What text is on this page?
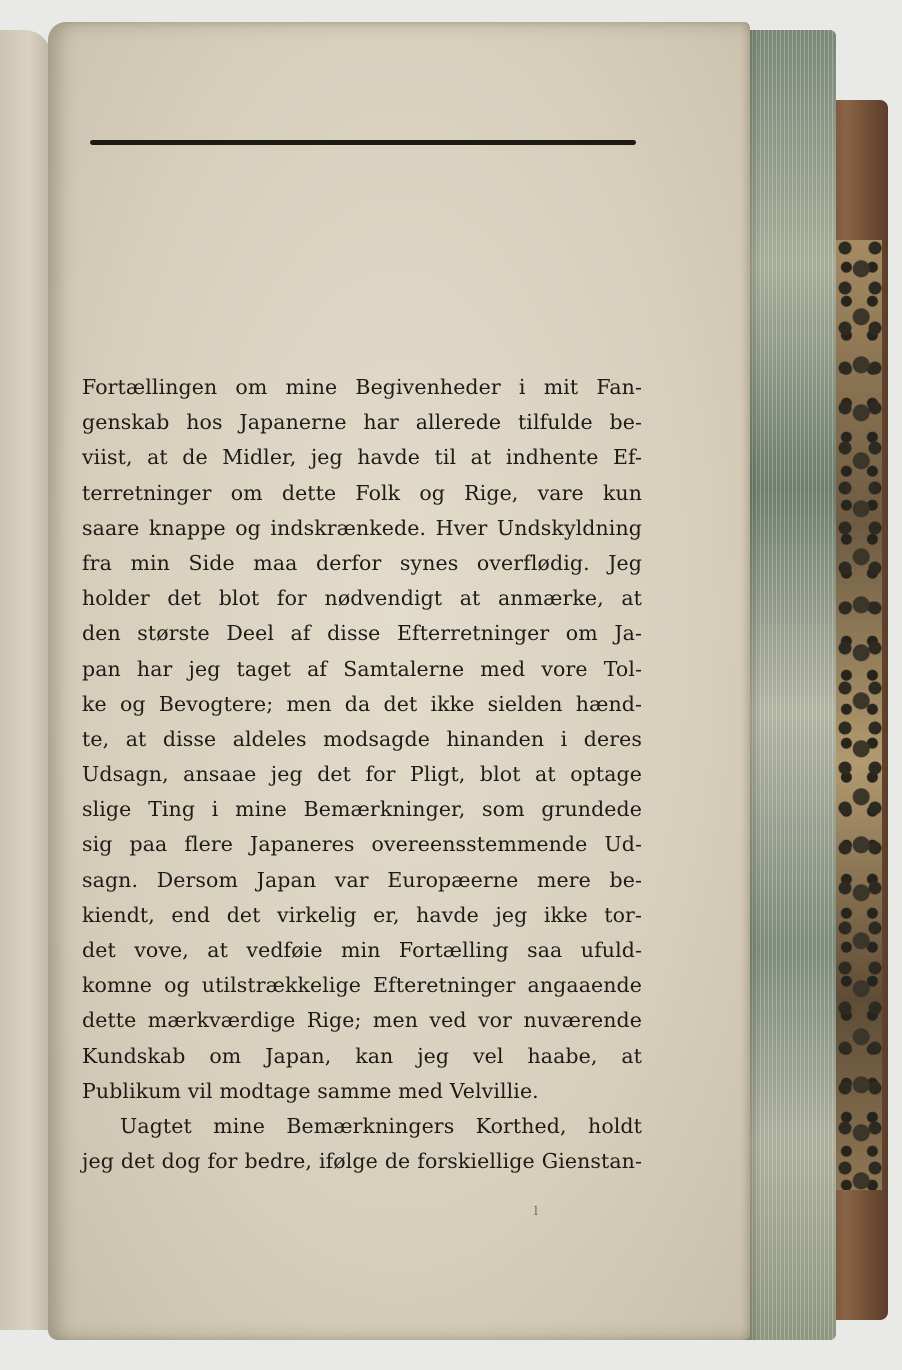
Fortællingen om mine Begivenheder i mit Fan-
genskab hos Japanerne har allerede tilfulde be-
viist, at de Midler, jeg havde til at indhente Ef-
terretninger om dette Folk og Rige, vare kun
saare knappe og indskrænkede. Hver Undskyldning
fra min Side maa derfor synes overflødig. Jeg
holder det blot for nødvendigt at anmærke, at
den største Deel af disse Efterretninger om Ja-
pan har jeg taget af Samtalerne med vore Tol-
ke og Bevogtere; men da det ikke sielden hænd-
te, at disse aldeles modsagde hinanden i deres
Udsagn, ansaae jeg det for Pligt, blot at optage
slige Ting i mine Bemærkninger, som grundede
sig paa flere Japaneres overeensstemmende Ud-
sagn. Dersom Japan var Europæerne mere be-
kiendt, end det virkelig er, havde jeg ikke tor-
det vove, at vedføie min Fortælling saa ufuld-
komne og utilstrækkelige Efteretninger angaaende
dette mærkværdige Rige; men ved vor nuværende
Kundskab om Japan, kan jeg vel haabe, at
Publikum vil modtage samme med Velvillie.
Uagtet mine Bemærkningers Korthed, holdt
jeg det dog for bedre, ifølge de forskiellige Gienstan-
l
